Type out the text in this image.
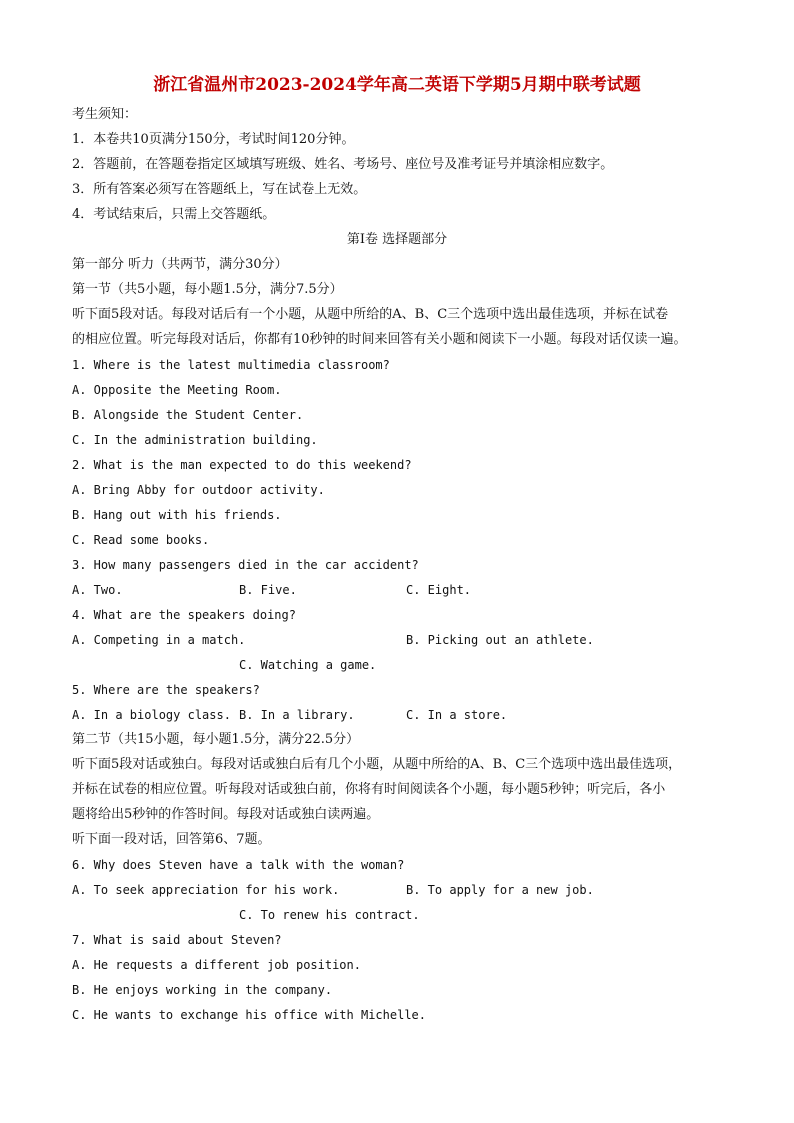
浙江省温州市2023-2024学年高二英语下学期5月期中联考试题
考生须知：
1．本卷共10页满分150分，考试时间120分钟。
2．答题前，在答题卷指定区域填写班级、姓名、考场号、座位号及准考证号并填涂相应数字。
3．所有答案必须写在答题纸上，写在试卷上无效。
4．考试结束后，只需上交答题纸。
第Ⅰ卷 选择题部分
第一部分 听力（共两节，满分30分）
第一节（共5小题，每小题1.5分，满分7.5分）
听下面5段对话。每段对话后有一个小题，从题中所给的A、B、C三个选项中选出最佳选项，并标在试卷
的相应位置。听完每段对话后，你都有10秒钟的时间来回答有关小题和阅读下一小题。每段对话仅读一遍。
1. Where is the latest multimedia classroom?
A. Opposite the Meeting Room.
B. Alongside the Student Center.
C. In the administration building.
2. What is the man expected to do this weekend?
A. Bring Abby for outdoor activity.
B. Hang out with his friends.
C. Read some books.
3. How many passengers died in the car accident?
A. Two.	B. Five.	C. Eight.
4. What are the speakers doing?
A. Competing in a match.	B. Picking out an athlete.
C. Watching a game.
5. Where are the speakers?
A. In a biology class. B. In a library.	C. In a store.
第二节（共15小题，每小题1.5分，满分22.5分）
听下面5段对话或独白。每段对话或独白后有几个小题，从题中所给的A、B、C三个选项中选出最佳选项，
并标在试卷的相应位置。听每段对话或独白前，你将有时间阅读各个小题，每小题5秒钟；听完后，各小
题将给出5秒钟的作答时间。每段对话或独白读两遍。
听下面一段对话，回答第6、7题。
6. Why does Steven have a talk with the woman?
A. To seek appreciation for his work.	B. To apply for a new job.
C. To renew his contract.
7. What is said about Steven?
A. He requests a different job position.
B. He enjoys working in the company.
C. He wants to exchange his office with Michelle.
